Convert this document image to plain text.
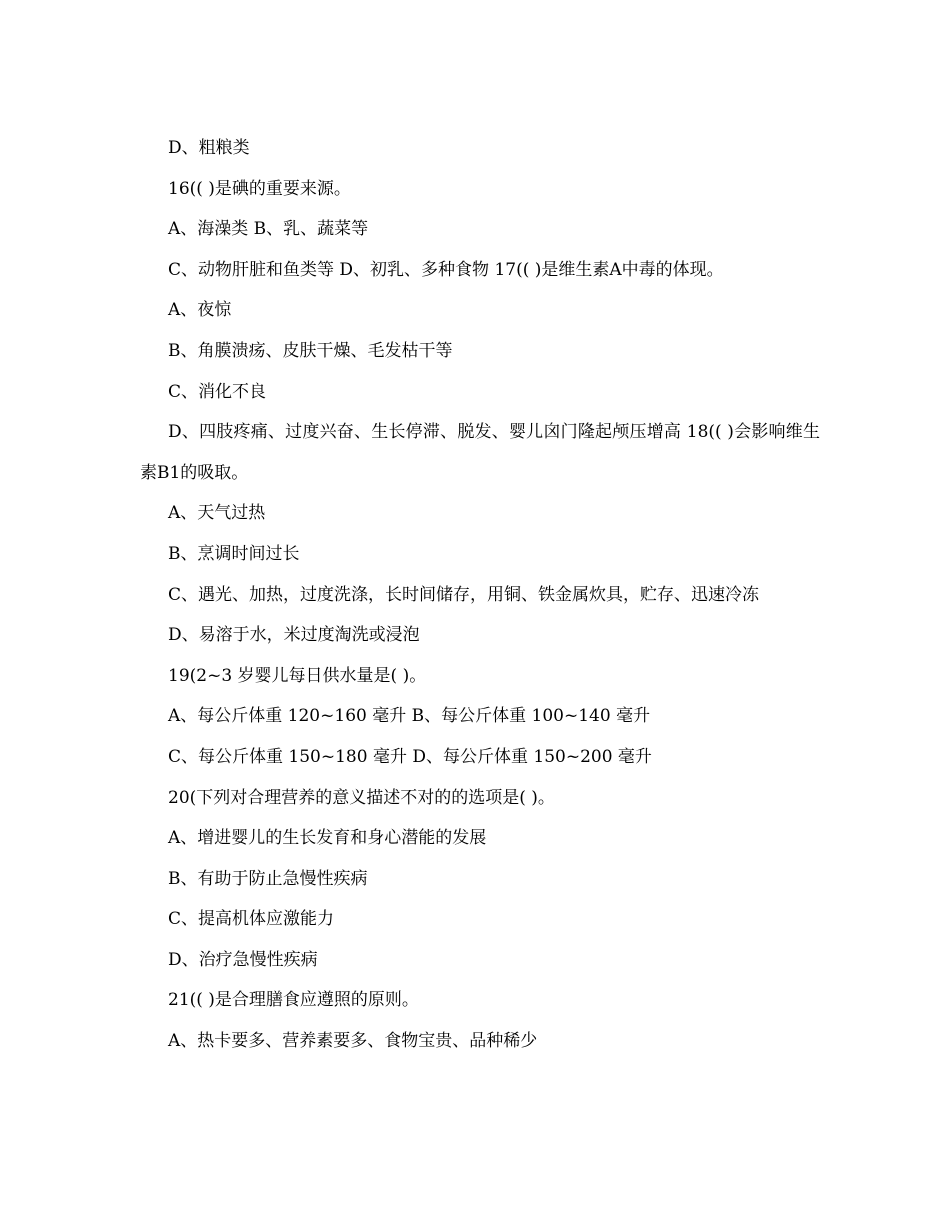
D、粗粮类
16(( )是碘的重要来源。
A、海澡类 B、乳、蔬菜等
C、动物肝脏和鱼类等 D、初乳、多种食物 17(( )是维生素A中毒的体现。
A、夜惊
B、角膜溃疡、皮肤干燥、毛发枯干等
C、消化不良
D、四肢疼痛、过度兴奋、生长停滞、脱发、婴儿囟门隆起颅压增高 18(( )会影响维生素B1的吸取。
A、天气过热
B、烹调时间过长
C、遇光、加热，过度洗涤，长时间储存，用铜、铁金属炊具，贮存、迅速冷冻
D、易溶于水，米过度淘洗或浸泡
19(2~3 岁婴儿每日供水量是( )。
A、每公斤体重 120~160 毫升 B、每公斤体重 100~140 毫升
C、每公斤体重 150~180 毫升 D、每公斤体重 150~200 毫升
20(下列对合理营养的意义描述不对的的选项是( )。
A、增进婴儿的生长发育和身心潜能的发展
B、有助于防止急慢性疾病
C、提高机体应激能力
D、治疗急慢性疾病
21(( )是合理膳食应遵照的原则。
A、热卡要多、营养素要多、食物宝贵、品种稀少
